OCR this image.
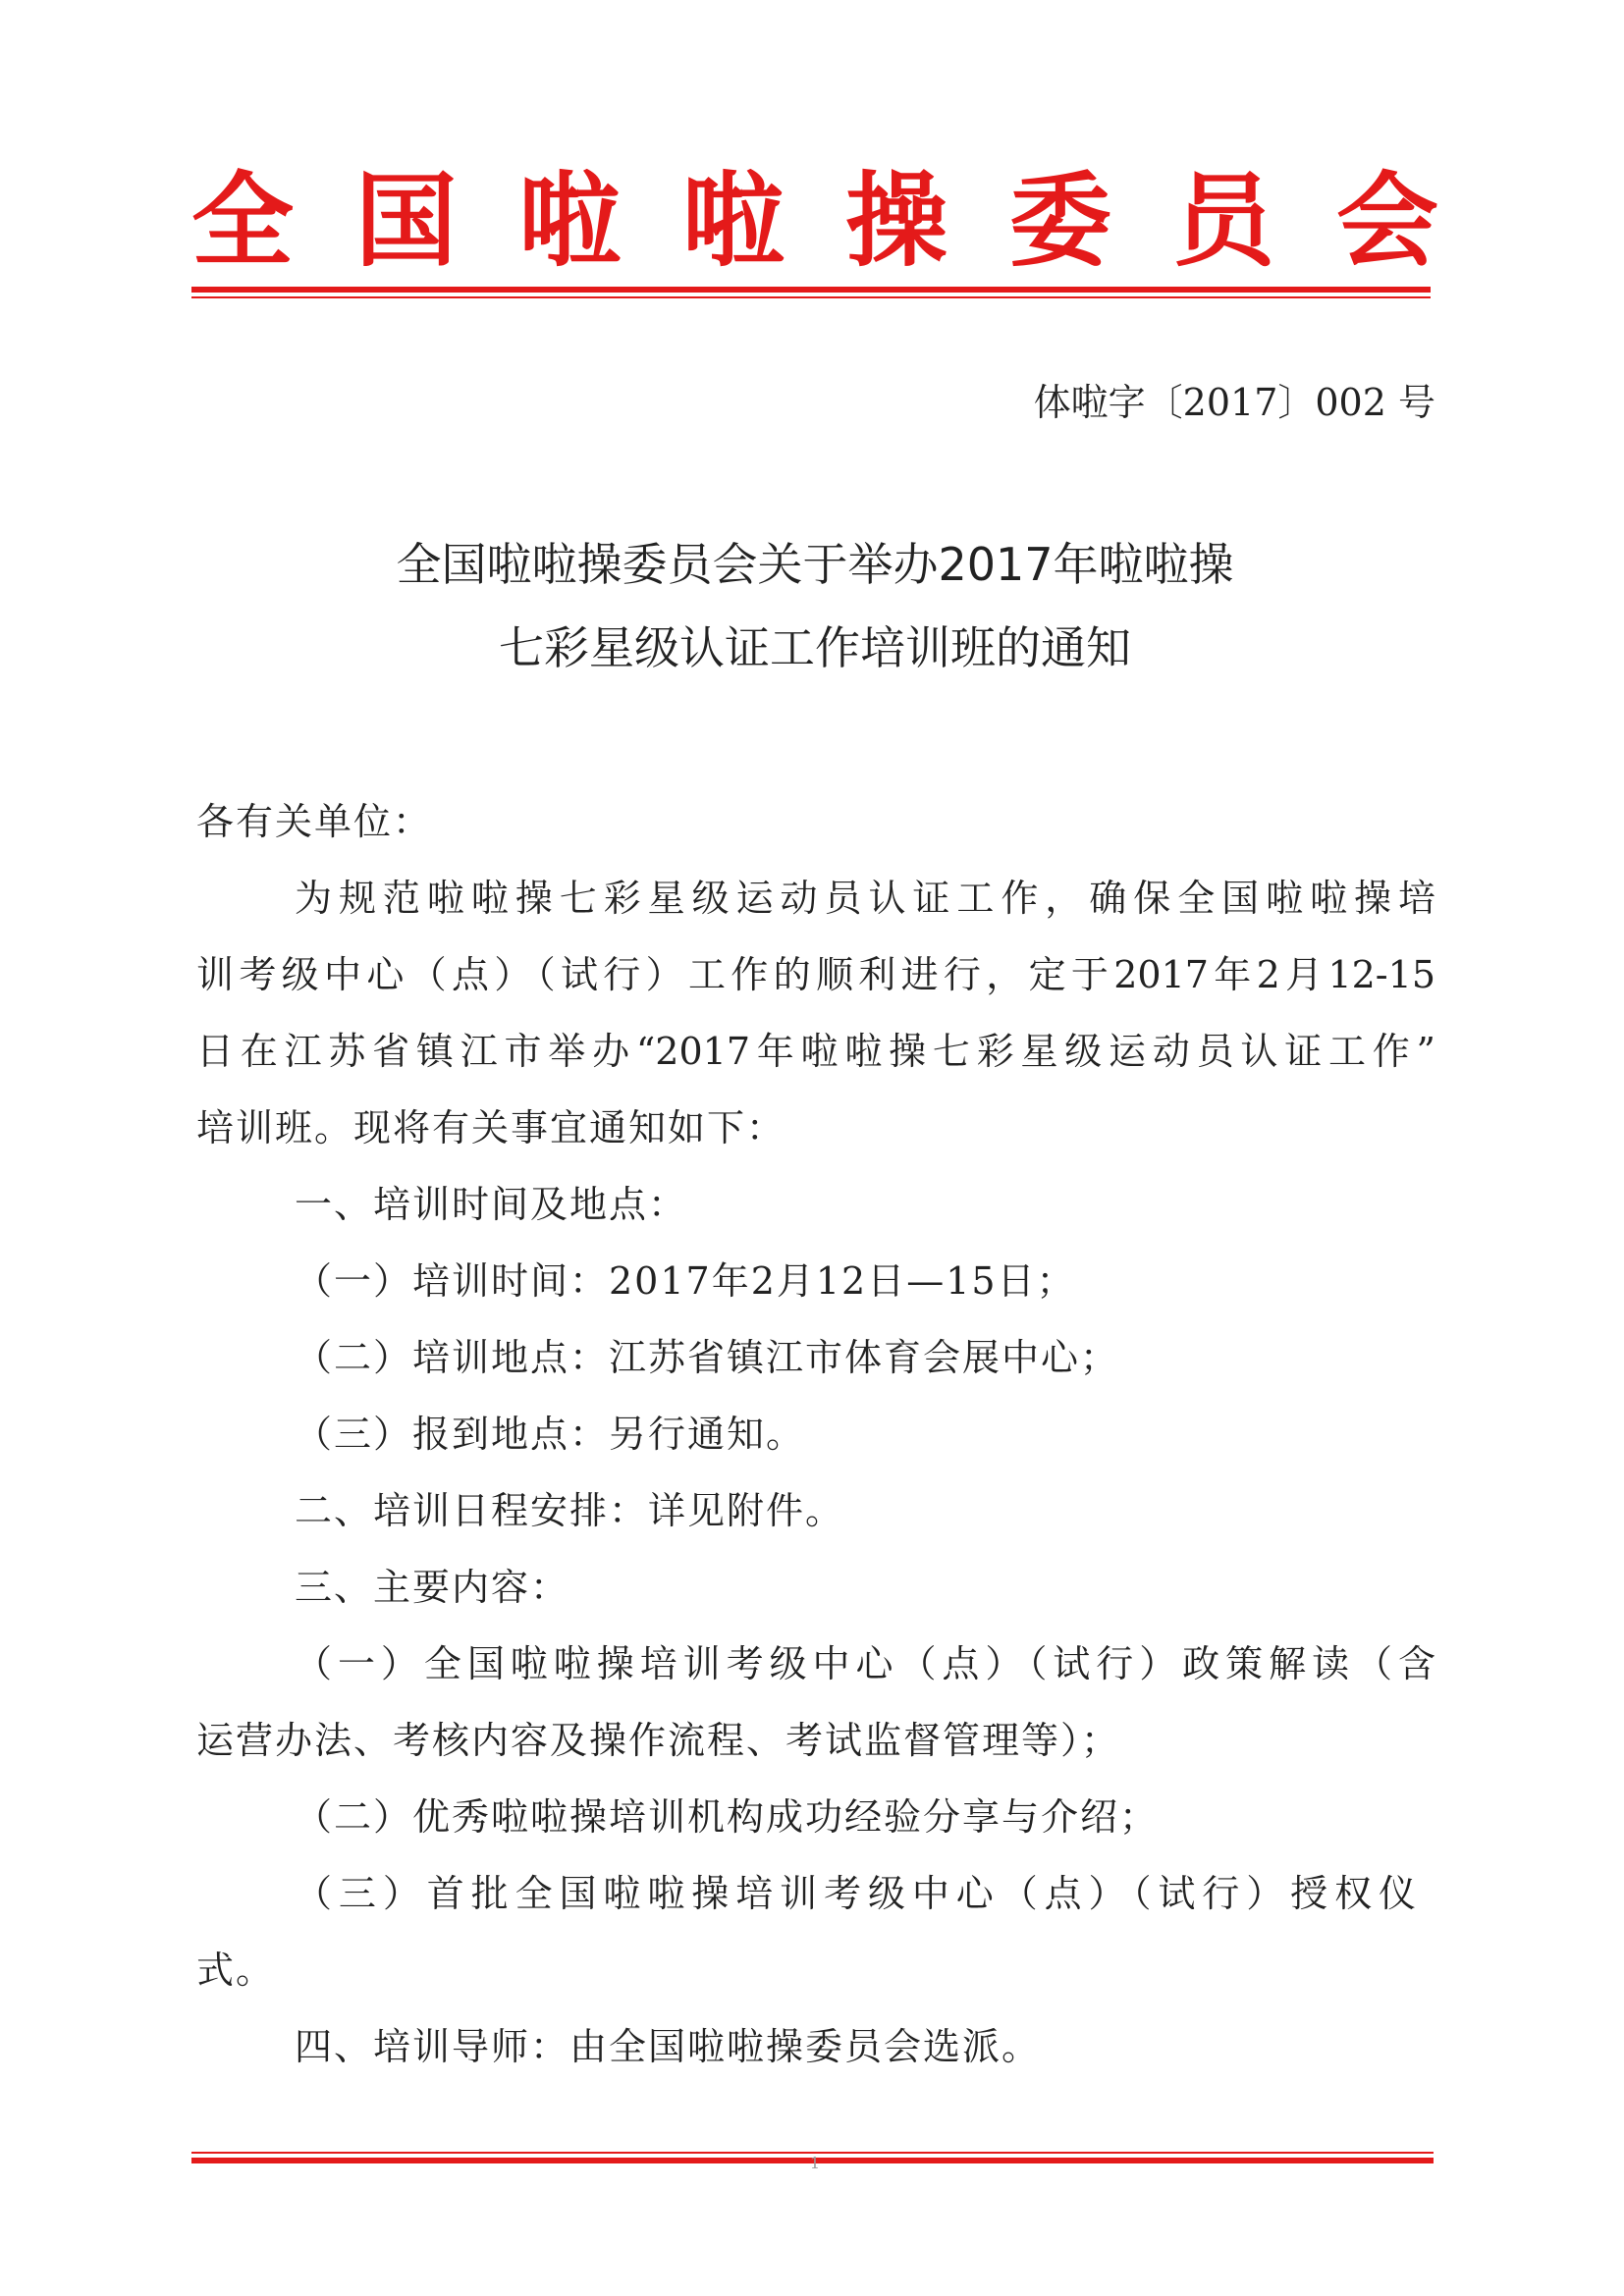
全 国 啦 啦 操 委 员 会
体啦字〔2017〕002 号
全国啦啦操委员会关于举办2017年啦啦操
七彩星级认证工作培训班的通知
各有关单位：
为规范啦啦操七彩星级运动员认证工作，确保全国啦啦操培
训考级中心（点）（试行）工作的顺利进行，定于2017年2月12-15
日在江苏省镇江市举办“2017年啦啦操七彩星级运动员认证工作”
培训班。现将有关事宜通知如下：
一、培训时间及地点：
（一）培训时间：2017年2月12日—15日；
（二）培训地点：江苏省镇江市体育会展中心；
（三）报到地点：另行通知。
二、培训日程安排：详见附件。
三、主要内容：
（一）全国啦啦操培训考级中心（点）（试行）政策解读（含
运营办法、考核内容及操作流程、考试监督管理等）；
（二）优秀啦啦操培训机构成功经验分享与介绍；
（三）首批全国啦啦操培训考级中心（点）（试行）授权仪
式。
四、培训导师：由全国啦啦操委员会选派。
1
